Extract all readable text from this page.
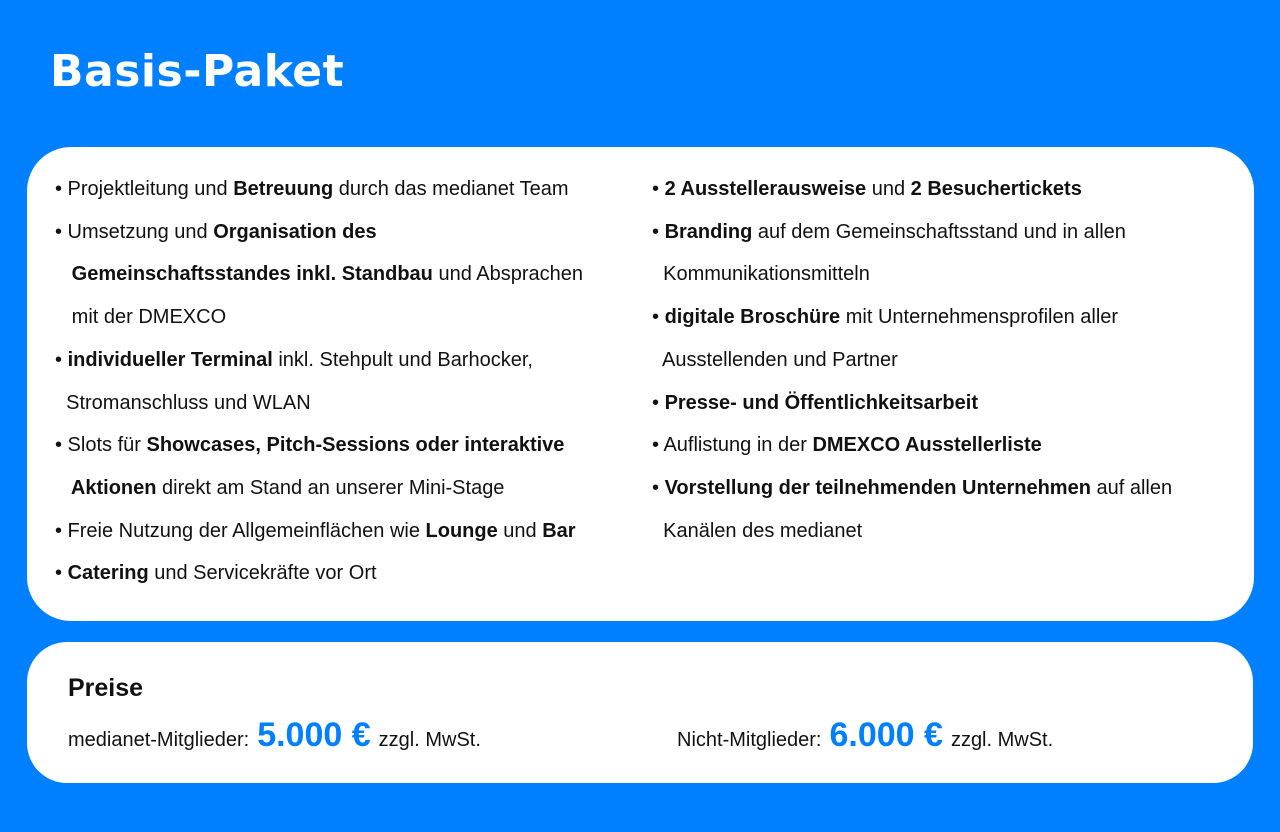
Basis-Paket
• Projektleitung und Betreuung durch das medianet Team
• Umsetzung und Organisation des
Gemeinschaftsstandes inkl. Standbau und Absprachen
mit der DMEXCO
• individueller Terminal inkl. Stehpult und Barhocker,
Stromanschluss und WLAN
• Slots für Showcases, Pitch-Sessions oder interaktive
Aktionen direkt am Stand an unserer Mini-Stage
• Freie Nutzung der Allgemeinflächen wie Lounge und Bar
• Catering und Servicekräfte vor Ort
• 2 Ausstellerausweise und 2 Besuchertickets
• Branding auf dem Gemeinschaftsstand und in allen
Kommunikationsmitteln
• digitale Broschüre mit Unternehmensprofilen aller
Ausstellenden und Partner
• Presse- und Öffentlichkeitsarbeit
• Auflistung in der DMEXCO Ausstellerliste
• Vorstellung der teilnehmenden Unternehmen auf allen
Kanälen des medianet
Preise
medianet-Mitglieder: 5.000 € zzgl. MwSt.	Nicht-Mitglieder: 6.000 € zzgl. MwSt.
